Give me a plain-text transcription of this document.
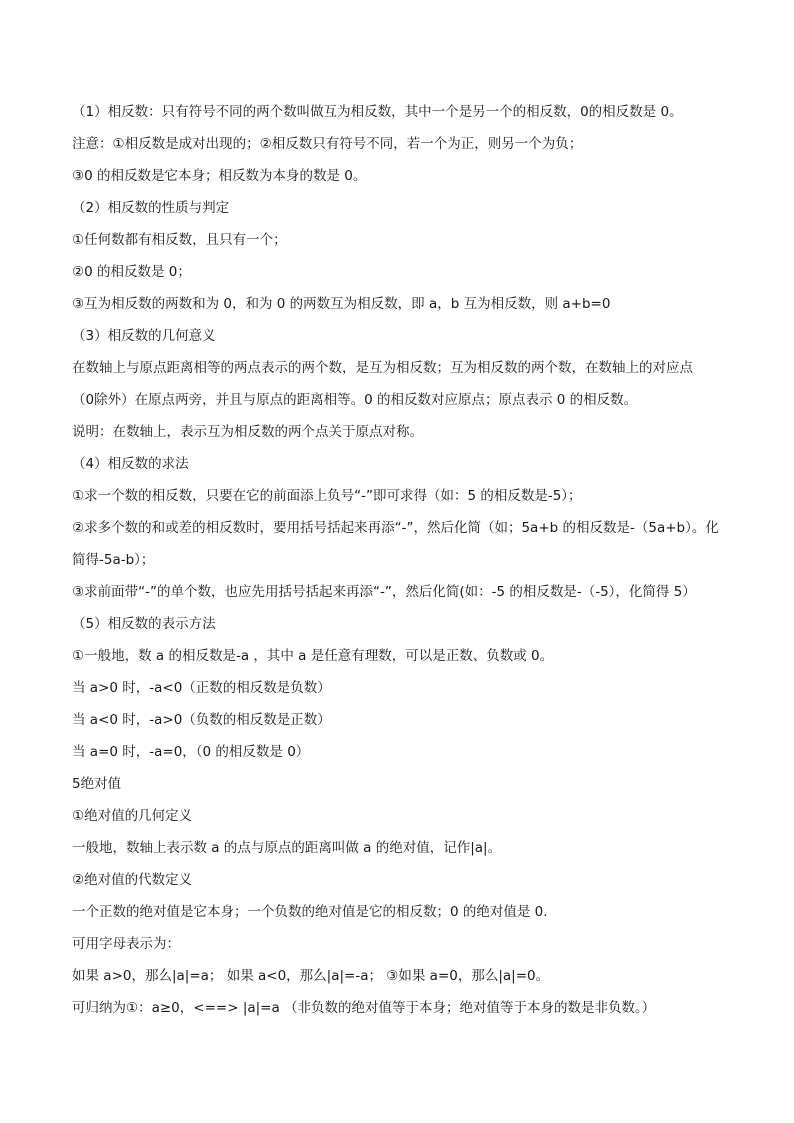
（1）相反数：只有符号不同的两个数叫做互为相反数，其中一个是另一个的相反数，0的相反数是 0。
注意：①相反数是成对出现的；②相反数只有符号不同，若一个为正，则另一个为负；
③0 的相反数是它本身；相反数为本身的数是 0。
（2）相反数的性质与判定
①任何数都有相反数，且只有一个；
②0 的相反数是 0；
③互为相反数的两数和为 0，和为 0 的两数互为相反数，即 a，b 互为相反数，则 a+b=0
（3）相反数的几何意义
在数轴上与原点距离相等的两点表示的两个数，是互为相反数；互为相反数的两个数，在数轴上的对应点
（0除外）在原点两旁，并且与原点的距离相等。0 的相反数对应原点；原点表示 0 的相反数。
说明：在数轴上，表示互为相反数的两个点关于原点对称。
（4）相反数的求法
①求一个数的相反数，只要在它的前面添上负号“-”即可求得（如：5 的相反数是-5）；
②求多个数的和或差的相反数时，要用括号括起来再添“-”，然后化简（如；5a+b 的相反数是-（5a+b）。化
简得-5a-b）；
③求前面带“-”的单个数，也应先用括号括起来再添“-”，然后化简(如：-5 的相反数是-（-5），化简得 5）
（5）相反数的表示方法
①一般地，数 a 的相反数是-a ，其中 a 是任意有理数，可以是正数、负数或 0。
当 a>0 时，-a<0（正数的相反数是负数）
当 a<0 时，-a>0（负数的相反数是正数）
当 a=0 时，-a=0，（0 的相反数是 0）
5绝对值
①绝对值的几何定义
一般地，数轴上表示数 a 的点与原点的距离叫做 a 的绝对值，记作|a|。
②绝对值的代数定义
一个正数的绝对值是它本身；一个负数的绝对值是它的相反数；0 的绝对值是 0.
可用字母表示为：
如果 a>0，那么|a|=a； 如果 a<0，那么|a|=-a； ③如果 a=0，那么|a|=0。
可归纳为①：a≥0，<==> |a|=a （非负数的绝对值等于本身；绝对值等于本身的数是非负数。）
